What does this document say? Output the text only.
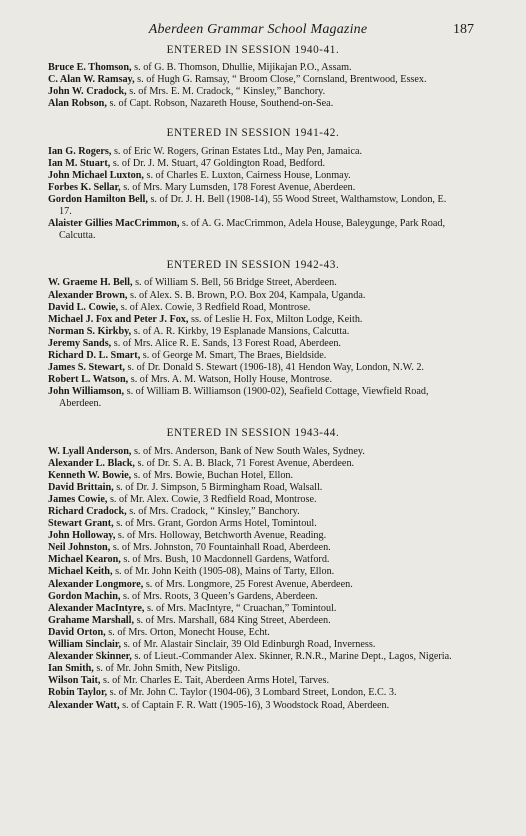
Aberdeen Grammar School Magazine	187
ENTERED IN SESSION 1940-41.

Bruce E. Thomson, s. of G. B. Thomson, Dhullie, Mijikajan P.O., Assam.

C. Alan W. Ramsay, s. of Hugh G. Ramsay, “ Broom Close,” Cornsland, Brentwood, Essex.

John W. Cradock, s. of Mrs. E. M. Cradock, “ Kinsley,” Banchory.

Alan Robson, s. of Capt. Robson, Nazareth House, Southend-on-Sea.

ENTERED IN SESSION 1941-42.

Ian G. Rogers, s. of Eric W. Rogers, Grinan Estates Ltd., May Pen, Jamaica.

Ian M. Stuart, s. of Dr. J. M. Stuart, 47 Goldington Road, Bedford.

John Michael Luxton, s. of Charles E. Luxton, Cairness House, Lonmay.

Forbes K. Sellar, s. of Mrs. Mary Lumsden, 178 Forest Avenue, Aberdeen.

Gordon Hamilton Bell, s. of Dr. J. H. Bell (1908-14), 55 Wood Street, Walthamstow, London, E. 17.

Alaister Gillies MacCrimmon, s. of A. G. MacCrimmon, Adela House, Baleygunge, Park Road, Calcutta.

ENTERED IN SESSION 1942-43.

W. Graeme H. Bell, s. of William S. Bell, 56 Bridge Street, Aberdeen.

Alexander Brown, s. of Alex. S. B. Brown, P.O. Box 204, Kampala, Uganda.

David L. Cowie, s. of Alex. Cowie, 3 Redfield Road, Montrose.

Michael J. Fox and Peter J. Fox, ss. of Leslie H. Fox, Milton Lodge, Keith.

Norman S. Kirkby, s. of A. R. Kirkby, 19 Esplanade Mansions, Calcutta.

Jeremy Sands, s. of Mrs. Alice R. E. Sands, 13 Forest Road, Aberdeen.

Richard D. L. Smart, s. of George M. Smart, The Braes, Bieldside.

James S. Stewart, s. of Dr. Donald S. Stewart (1906-18), 41 Hendon Way, London, N.W. 2.

Robert L. Watson, s. of Mrs. A. M. Watson, Holly House, Montrose.

John Williamson, s. of William B. Williamson (1900-02), Seafield Cottage, Viewfield Road, Aberdeen.

ENTERED IN SESSION 1943-44.

W. Lyall Anderson, s. of Mrs. Anderson, Bank of New South Wales, Sydney.

Alexander L. Black, s. of Dr. S. A. B. Black, 71 Forest Avenue, Aberdeen.

Kenneth W. Bowie, s. of Mrs. Bowie, Buchan Hotel, Ellon.

David Brittain, s. of Dr. J. Simpson, 5 Birmingham Road, Walsall.

James Cowie, s. of Mr. Alex. Cowie, 3 Redfield Road, Montrose.

Richard Cradock, s. of Mrs. Cradock, “ Kinsley,” Banchory.

Stewart Grant, s. of Mrs. Grant, Gordon Arms Hotel, Tomintoul.

John Holloway, s. of Mrs. Holloway, Betchworth Avenue, Reading.

Neil Johnston, s. of Mrs. Johnston, 70 Fountainhall Road, Aberdeen.

Michael Kearon, s. of Mrs. Bush, 10 Macdonnell Gardens, Watford.

Michael Keith, s. of Mr. John Keith (1905-08), Mains of Tarty, Ellon.

Alexander Longmore, s. of Mrs. Longmore, 25 Forest Avenue, Aberdeen.

Gordon Machin, s. of Mrs. Roots, 3 Queen’s Gardens, Aberdeen.

Alexander MacIntyre, s. of Mrs. MacIntyre, “ Cruachan,” Tomintoul.

Grahame Marshall, s. of Mrs. Marshall, 684 King Street, Aberdeen.

David Orton, s. of Mrs. Orton, Monecht House, Echt.

William Sinclair, s. of Mr. Alastair Sinclair, 39 Old Edinburgh Road, Inverness.

Alexander Skinner, s. of Lieut.-Commander Alex. Skinner, R.N.R., Marine Dept., Lagos, Nigeria.

Ian Smith, s. of Mr. John Smith, New Pitsligo.

Wilson Tait, s. of Mr. Charles E. Tait, Aberdeen Arms Hotel, Tarves.

Robin Taylor, s. of Mr. John C. Taylor (1904-06), 3 Lombard Street, London, E.C. 3.

Alexander Watt, s. of Captain F. R. Watt (1905-16), 3 Woodstock Road, Aberdeen.
